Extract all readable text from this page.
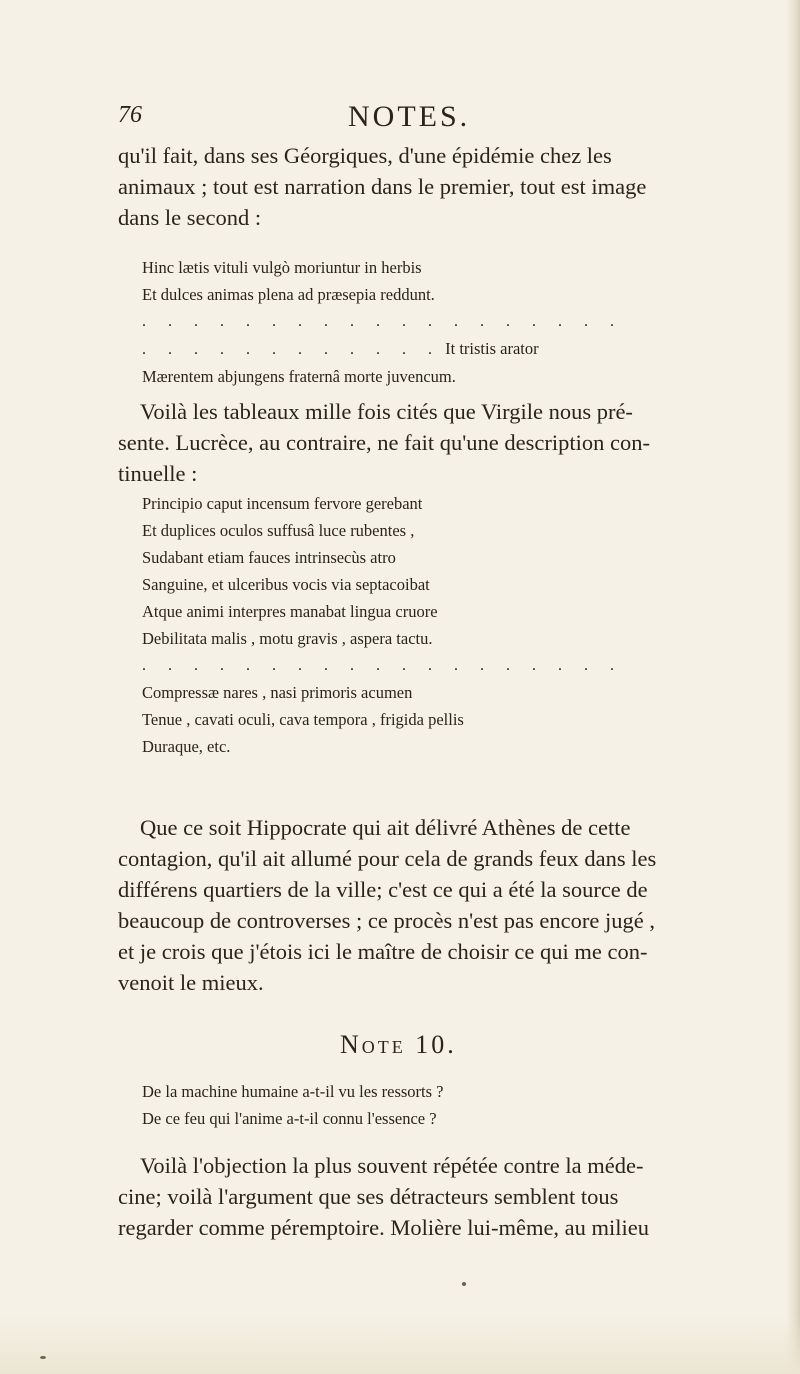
76	NOTES.

qu'il fait, dans ses Géorgiques, d'une épidémie chez les
animaux ; tout est narration dans le premier, tout est image
dans le second :

Hinc lætis vituli vulgò moriuntur in herbis
Et dulces animas plena ad præsepia reddunt.
. . . . . . . . . . . . . . . . . . .
. . . . . . . . . . . . It tristis arator
Mærentem abjungens fraternâ morte juvencum.

Voilà les tableaux mille fois cités que Virgile nous pré-
sente. Lucrèce, au contraire, ne fait qu'une description con-
tinuelle :

Principio caput incensum fervore gerebant
Et duplices oculos suffusâ luce rubentes ,
Sudabant etiam fauces intrinsecùs atro
Sanguine, et ulceribus vocis via septacoibat
Atque animi interpres manabat lingua cruore
Debilitata malis , motu gravis , aspera tactu.
. . . . . . . . . . . . . . . . . . .
Compressæ nares , nasi primoris acumen
Tenue , cavati oculi, cava tempora , frigida pellis
Duraque, etc.

Que ce soit Hippocrate qui ait délivré Athènes de cette
contagion, qu'il ait allumé pour cela de grands feux dans les
différens quartiers de la ville; c'est ce qui a été la source de
beaucoup de controverses ; ce procès n'est pas encore jugé ,
et je crois que j'étois ici le maître de choisir ce qui me con-
venoit le mieux.

Note 10.
De la machine humaine a-t-il vu les ressorts ?
De ce feu qui l'anime a-t-il connu l'essence ?

Voilà l'objection la plus souvent répétée contre la méde-
cine; voilà l'argument que ses détracteurs semblent tous
regarder comme péremptoire. Molière lui-même, au milieu
